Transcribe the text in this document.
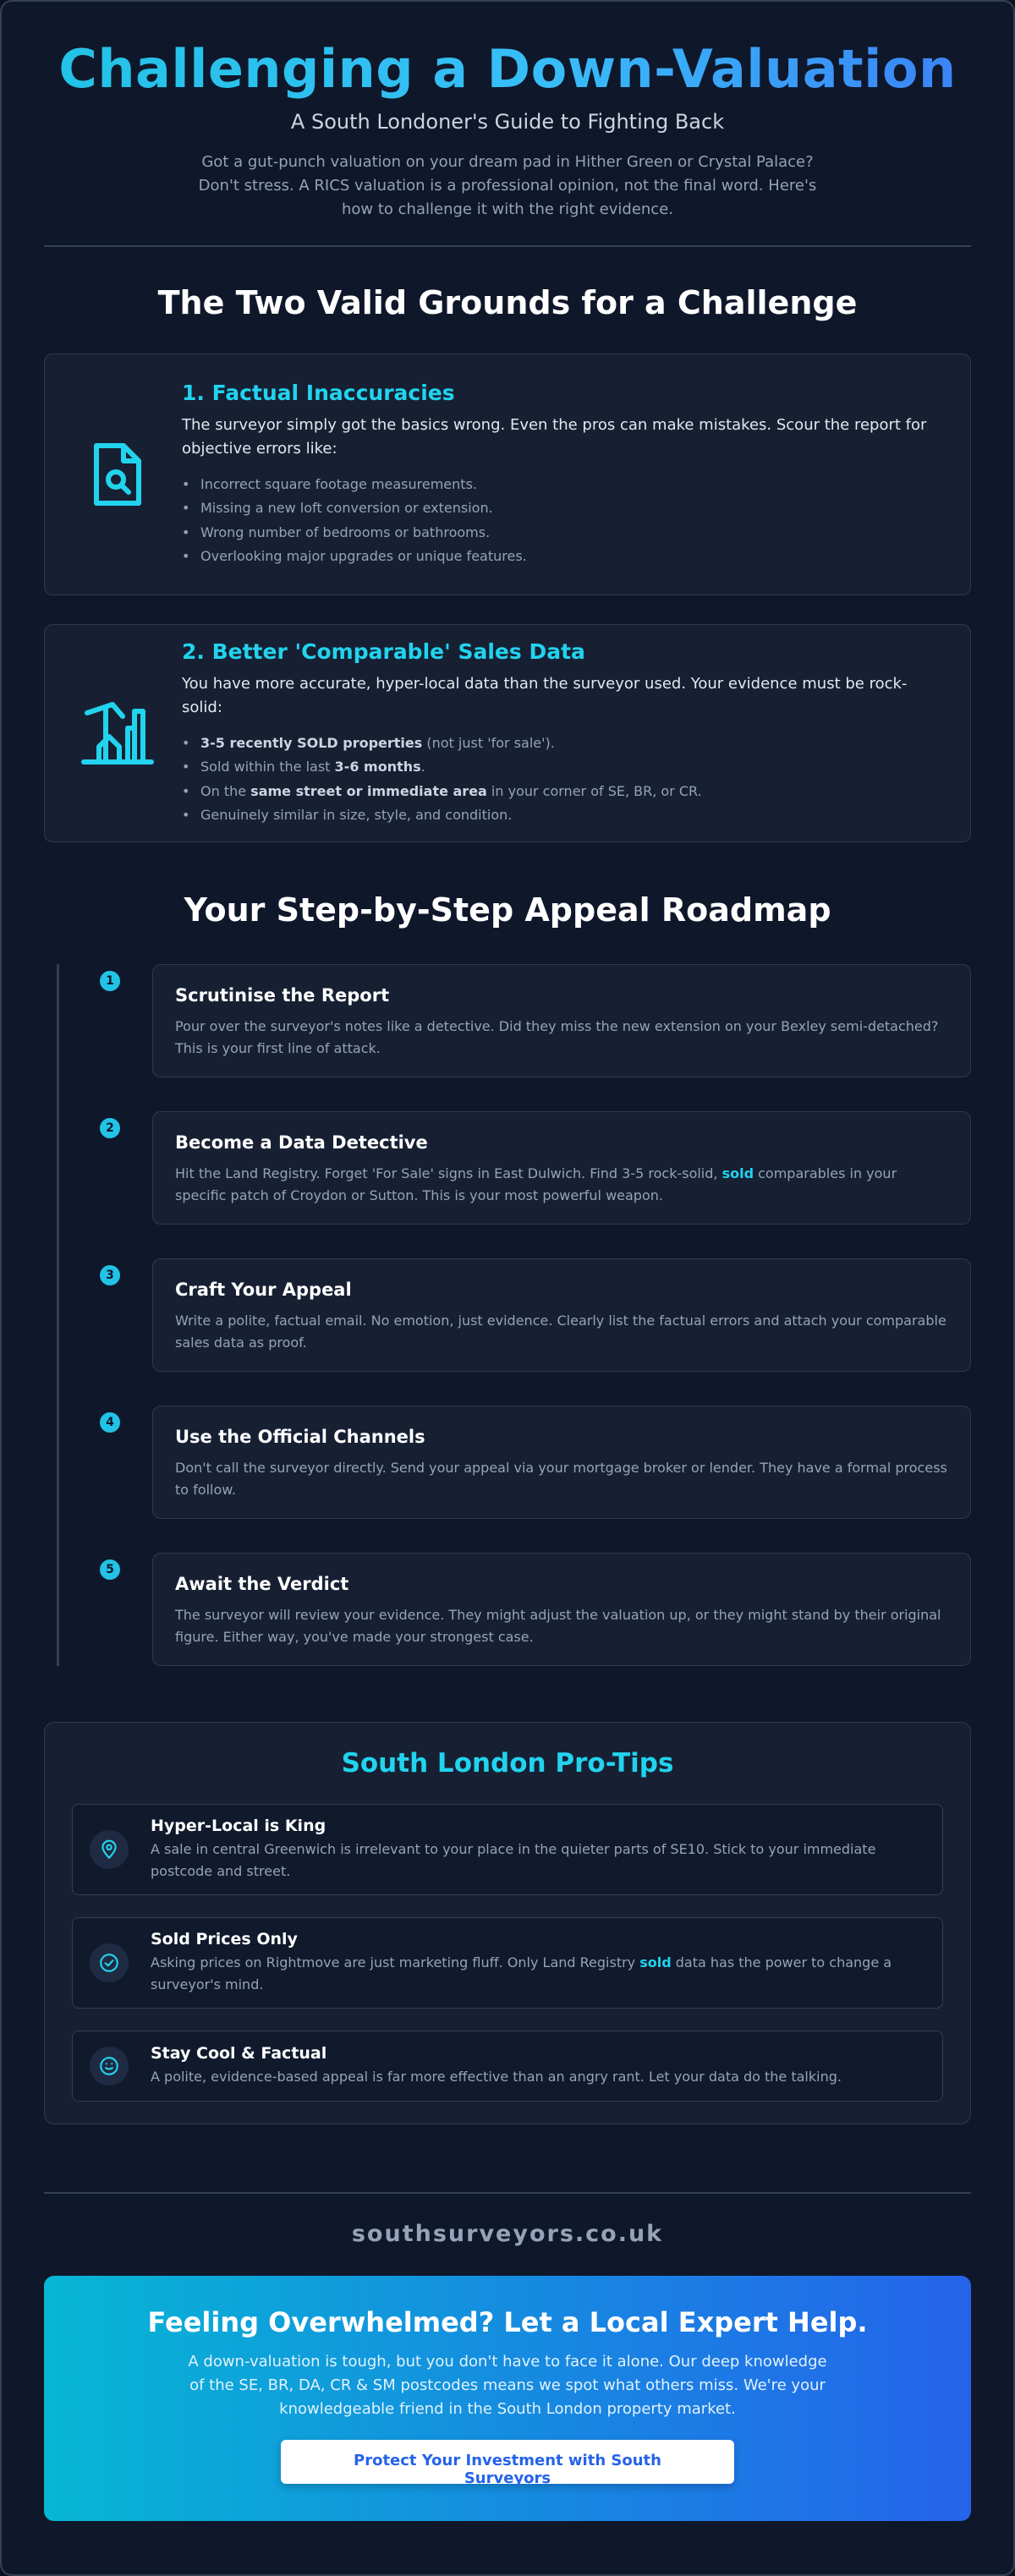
Challenging a Down-Valuation
A South Londoner's Guide to Fighting Back

Got a gut-punch valuation on your dream pad in Hither Green or Crystal Palace? Don't stress. A RICS valuation is a professional opinion, not the final word. Here's how to challenge it with the right evidence.

The Two Valid Grounds for a Challenge
1. Factual Inaccuracies

The surveyor simply got the basics wrong. Even the pros can make mistakes. Scour the report for objective errors like:

• Incorrect square footage measurements.
• Missing a new loft conversion or extension.
• Wrong number of bedrooms or bathrooms.
• Overlooking major upgrades or unique features.
2. Better 'Comparable' Sales Data

You have more accurate, hyper-local data than the surveyor used. Your evidence must be rock-solid:

• 3-5 recently SOLD properties (not just 'for sale').
• Sold within the last 3-6 months.
• On the same street or immediate area in your corner of SE, BR, or CR.
• Genuinely similar in size, style, and condition.
Your Step-by-Step Appeal Roadmap
1
Scrutinise the Report

Pour over the surveyor's notes like a detective. Did they miss the new extension on your Bexley semi-detached? This is your first line of attack.

2
Become a Data Detective

Hit the Land Registry. Forget 'For Sale' signs in East Dulwich. Find 3-5 rock-solid, sold comparables in your specific patch of Croydon or Sutton. This is your most powerful weapon.

3
Craft Your Appeal

Write a polite, factual email. No emotion, just evidence. Clearly list the factual errors and attach your comparable sales data as proof.

4
Use the Official Channels

Don't call the surveyor directly. Send your appeal via your mortgage broker or lender. They have a formal process to follow.

5
Await the Verdict

The surveyor will review your evidence. They might adjust the valuation up, or they might stand by their original figure. Either way, you've made your strongest case.

South London Pro-Tips
Hyper-Local is King

A sale in central Greenwich is irrelevant to your place in the quieter parts of SE10. Stick to your immediate postcode and street.

Sold Prices Only

Asking prices on Rightmove are just marketing fluff. Only Land Registry sold data has the power to change a surveyor's mind.

Stay Cool & Factual

A polite, evidence-based appeal is far more effective than an angry rant. Let your data do the talking.

southsurveyors.co.uk
Feeling Overwhelmed? Let a Local Expert Help.

A down-valuation is tough, but you don't have to face it alone. Our deep knowledge of the SE, BR, DA, CR & SM postcodes means we spot what others miss. We're your knowledgeable friend in the South London property market.

Protect Your Investment with South Surveyors
